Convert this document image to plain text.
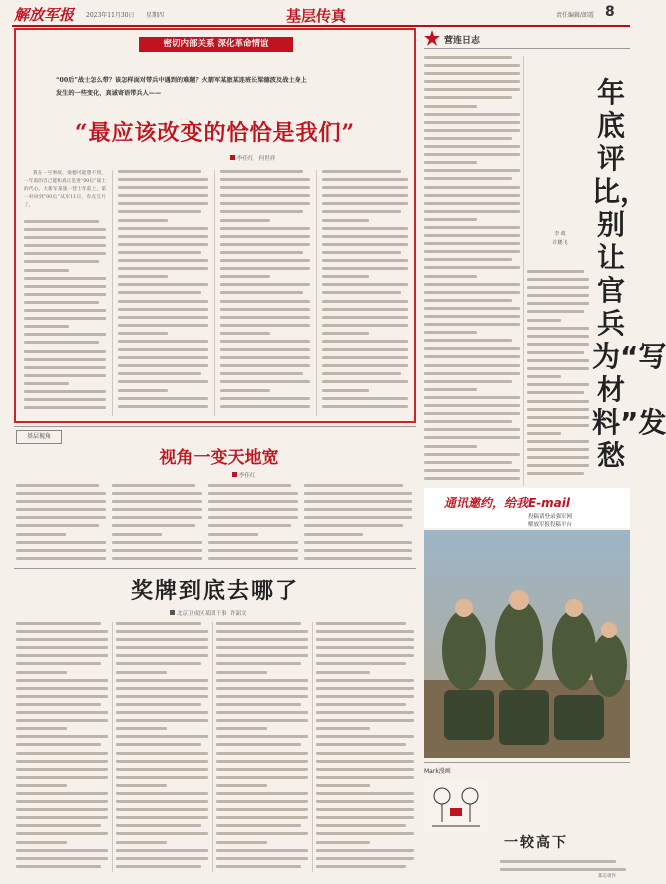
解放军报 2023年11月30日 星期四	基层传真	责任编辑/郎霞 8
密切内部关系 深化革命情谊
“00后”战士怎么带？该怎样面对带兵中遇到的难题？火箭军某旅某连班长梁德波及战士身上
发生的一些变化，真诚寄语带兵人——
“最应该改变的恰恰是我们”
李佳红 何世祥
我在一号事故，梁德可能想不到，一年前的自己能和真正是进“00后”战士的代心。大新军某旅一营士年前上，第一杆回到“00后”从军11日，有点互片了。
营连日志
年底评比，别让官兵为“写材料”发愁
李 政
许鹏飞
基层视角
视角一变天地宽
李佳红
通讯邀约，给我E-mail
投稿请登录强军网
解放军报投稿平台
奖牌到底去哪了
北京卫戍区某团干事 许韶文
Mark漫画
一较高下
郑志勇作
